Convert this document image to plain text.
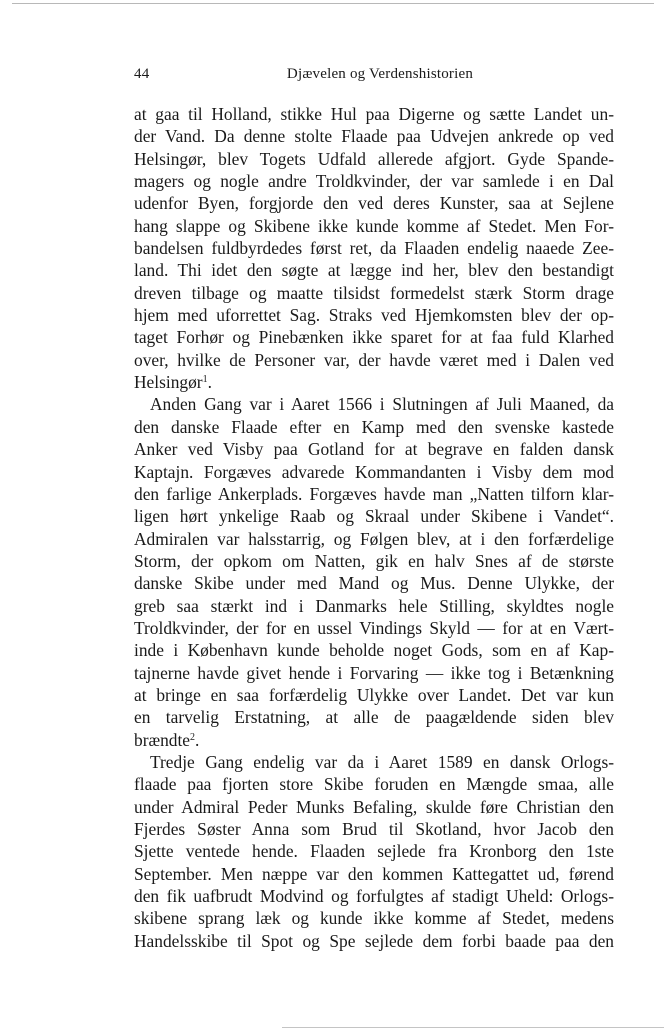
44	Djævelen og Verdenshistorien
at gaa til Holland, stikke Hul paa Digerne og sætte Landet un-
der Vand. Da denne stolte Flaade paa Udvejen ankrede op ved
Helsingør, blev Togets Udfald allerede afgjort. Gyde Spande-
magers og nogle andre Troldkvinder, der var samlede i en Dal
udenfor Byen, forgjorde den ved deres Kunster, saa at Sejlene
hang slappe og Skibene ikke kunde komme af Stedet. Men For-
bandelsen fuldbyrdedes først ret, da Flaaden endelig naaede Zee-
land. Thi idet den søgte at lægge ind her, blev den bestandigt
dreven tilbage og maatte tilsidst formedelst stærk Storm drage
hjem med uforrettet Sag. Straks ved Hjemkomsten blev der op-
taget Forhør og Pinebænken ikke sparet for at faa fuld Klarhed
over, hvilke de Personer var, der havde været med i Dalen ved
Helsingør$^1$.
Anden Gang var i Aaret 1566 i Slutningen af Juli Maaned, da
den danske Flaade efter en Kamp med den svenske kastede
Anker ved Visby paa Gotland for at begrave en falden dansk
Kaptajn. Forgæves advarede Kommandanten i Visby dem mod
den farlige Ankerplads. Forgæves havde man „Natten tilforn klar-
ligen hørt ynkelige Raab og Skraal under Skibene i Vandet“.
Admiralen var halsstarrig, og Følgen blev, at i den forfærdelige
Storm, der opkom om Natten, gik en halv Snes af de største
danske Skibe under med Mand og Mus. Denne Ulykke, der
greb saa stærkt ind i Danmarks hele Stilling, skyldtes nogle
Troldkvinder, der for en ussel Vindings Skyld — for at en Vært-
inde i København kunde beholde noget Gods, som en af Kap-
tajnerne havde givet hende i Forvaring — ikke tog i Betænkning
at bringe en saa forfærdelig Ulykke over Landet. Det var kun
en tarvelig Erstatning, at alle de paagældende siden blev
brændte$^2$.
Tredje Gang endelig var da i Aaret 1589 en dansk Orlogs-
flaade paa fjorten store Skibe foruden en Mængde smaa, alle
under Admiral Peder Munks Befaling, skulde føre Christian den
Fjerdes Søster Anna som Brud til Skotland, hvor Jacob den
Sjette ventede hende. Flaaden sejlede fra Kronborg den 1ste
September. Men næppe var den kommen Kattegattet ud, førend
den fik uafbrudt Modvind og forfulgtes af stadigt Uheld: Orlogs-
skibene sprang læk og kunde ikke komme af Stedet, medens
Handelsskibe til Spot og Spe sejlede dem forbi baade paa den
